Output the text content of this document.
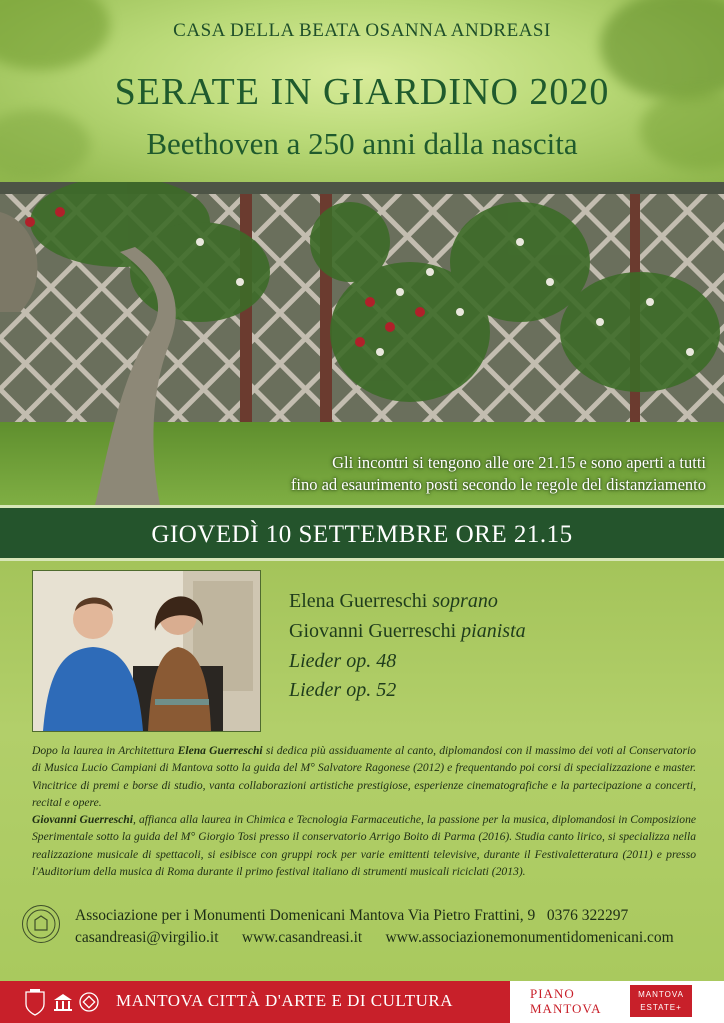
CASA DELLA BEATA OSANNA ANDREASI
SERATE IN GIARDINO 2020
Beethoven a 250 anni dalla nascita
Gli incontri si tengono alle ore 21.15 e sono aperti a tutti
fino ad esaurimento posti secondo le regole del distanziamento
GIOVEDÌ 10 SETTEMBRE ORE 21.15
Elena Guerreschi soprano
Giovanni Guerreschi pianista
Lieder op. 48
Lieder op. 52
Dopo la laurea in Architettura Elena Guerreschi si dedica più assiduamente al canto, diplomandosi con il massimo dei voti al Conservatorio di Musica Lucio Campiani di Mantova sotto la guida del M° Salvatore Ragonese (2012) e frequentando poi corsi di specializzazione e master. Vincitrice di premi e borse di studio, vanta collaborazioni artistiche prestigiose, esperienze cinematografiche e la partecipazione a concerti, recital e opere.
Giovanni Guerreschi, affianca alla laurea in Chimica e Tecnologia Farmaceutiche, la passione per la musica, diplomandosi in Composizione Sperimentale sotto la guida del M° Giorgio Tosi presso il conservatorio Arrigo Boito di Parma (2016). Studia canto lirico, si specializza nella realizzazione musicale di spettacoli, si esibisce con gruppi rock per varie emittenti televisive, durante il Festivaletteratura (2011) e presso l'Auditorium della musica di Roma durante il primo festival italiano di strumenti musicali riciclati (2013).
Associazione per i Monumenti Domenicani Mantova Via Pietro Frattini, 9 0376 322297
casandreasi@virgilio.it www.casandreasi.it www.associazionemonumentidomenicani.com
MANTOVA CITTÀ D'ARTE E DI CULTURA	PIANO
MANTOVA
MANTOVA
ESTATE+
